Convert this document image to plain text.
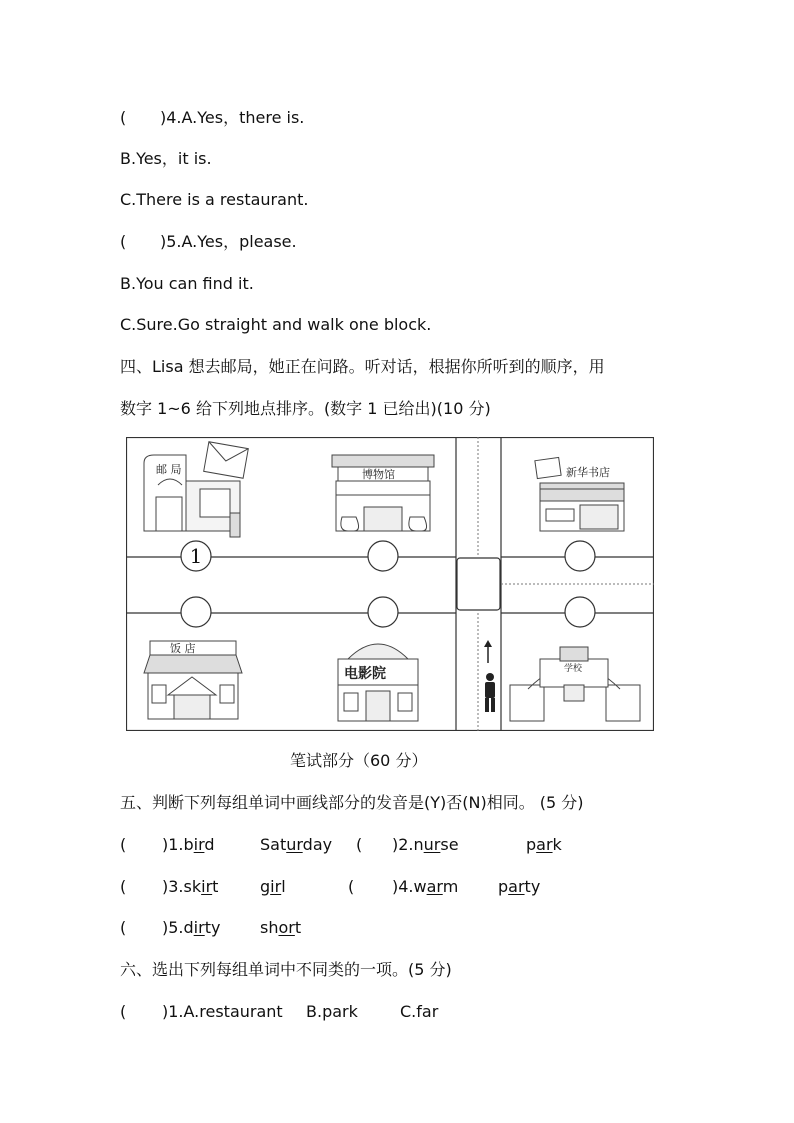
( )4.A.Yes，there is.
B.Yes，it is.
C.There is a restaurant.
( )5.A.Yes，please.
B.You can find it.
C.Sure.Go straight and walk one block.
四、Lisa 想去邮局，她正在问路。听对话，根据你所听到的顺序，用
数字 1~6 给下列地点排序。(数字 1 已给出)(10 分)
邮 局	博物馆	新华书店
饭 店
电影院	学校
1
笔试部分（60 分）
五、判断下列每组单词中画线部分的发音是(Y)否(N)相同。 (5 分)
( )1.bird	Saturday ( )2.nurse	park
( )3.skirt	girl	( )4.warm party
( )5.dirty short
六、选出下列每组单词中不同类的一项。(5 分)
( )1.A.restaurant B.park	C.far
